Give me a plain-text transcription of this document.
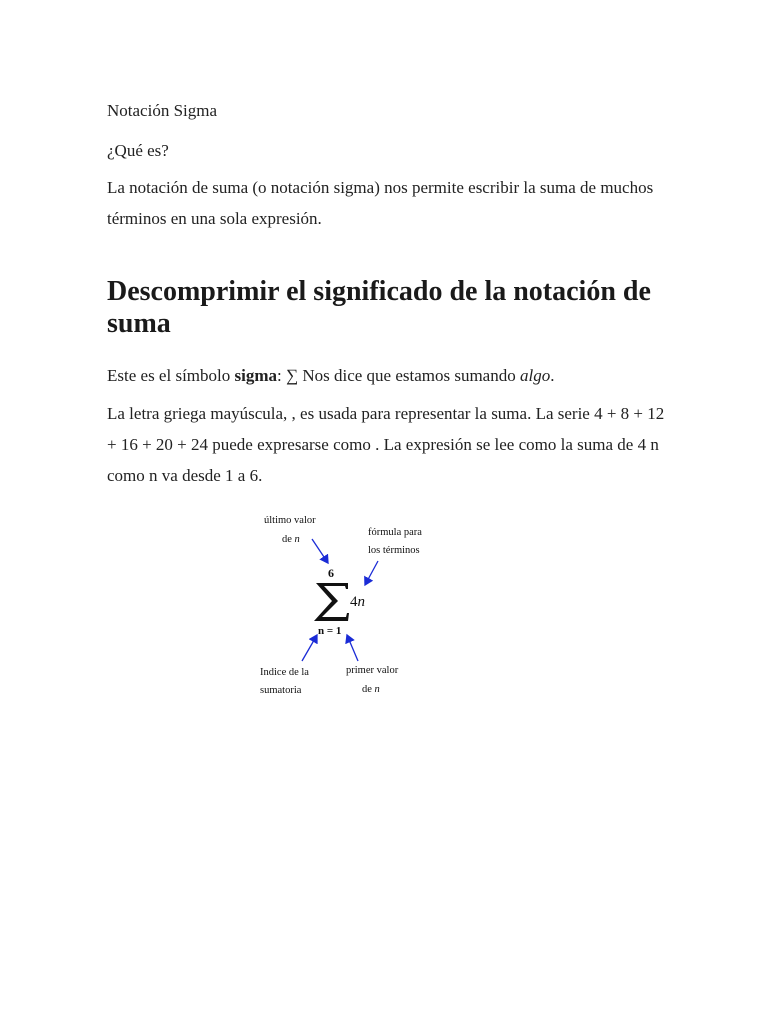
Notación Sigma

¿Qué es?

La notación de suma (o notación sigma) nos permite escribir la suma de muchos términos en una sola expresión.

Descomprimir el significado de la notación de suma

Este es el símbolo sigma: ∑ Nos dice que estamos sumando algo.

La letra griega mayúscula, , es usada para representar la suma. La serie 4 + 8 + 12 + 16 + 20 + 24 puede expresarse como . La expresión se lee como la suma de 4 n como n va desde 1 a 6.

último valor
de n
fórmula para
los términos
Indice de la
sumatoria
primer valor
de n
6
4n
n = 1
